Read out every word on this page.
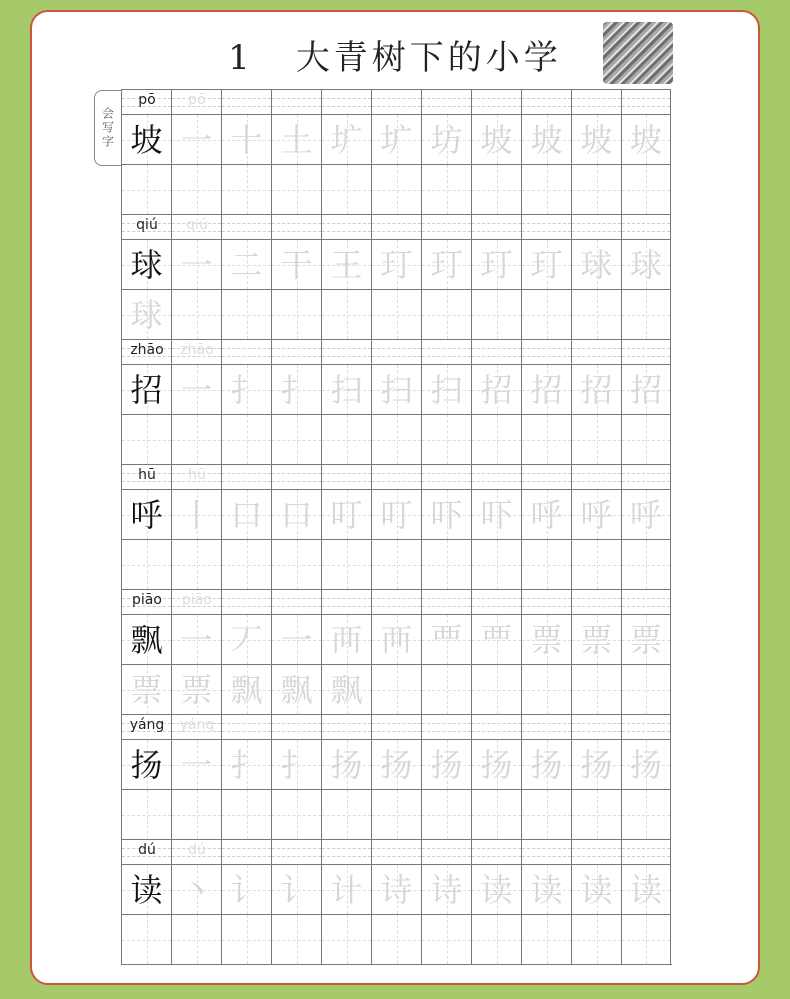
1 大青树下的小学
会写字
pō	pō
坡 一 十 土 圹 圹 坊 坡 坡 坡 坡
qiú	qiú
球 一 二 干 王 玎 玎 玎 玎 球 球
球
zhāo	zhāo
招 一 扌 扌 扫 扫 扫 招 招 招 招
hū	hū
呼 丨 口 口 叮 叮 吓 吓 呼 呼 呼
piāo	piāo
飘 一 丆 一 襾 襾 覀 覀 票 票 票
票 票 飘 飘 飘
yáng	yáng
扬 一 扌 扌 扬 扬 扬 扬 扬 扬 扬
dú	dú
读 丶 讠 讠 计 诗 诗 读 读 读 读
